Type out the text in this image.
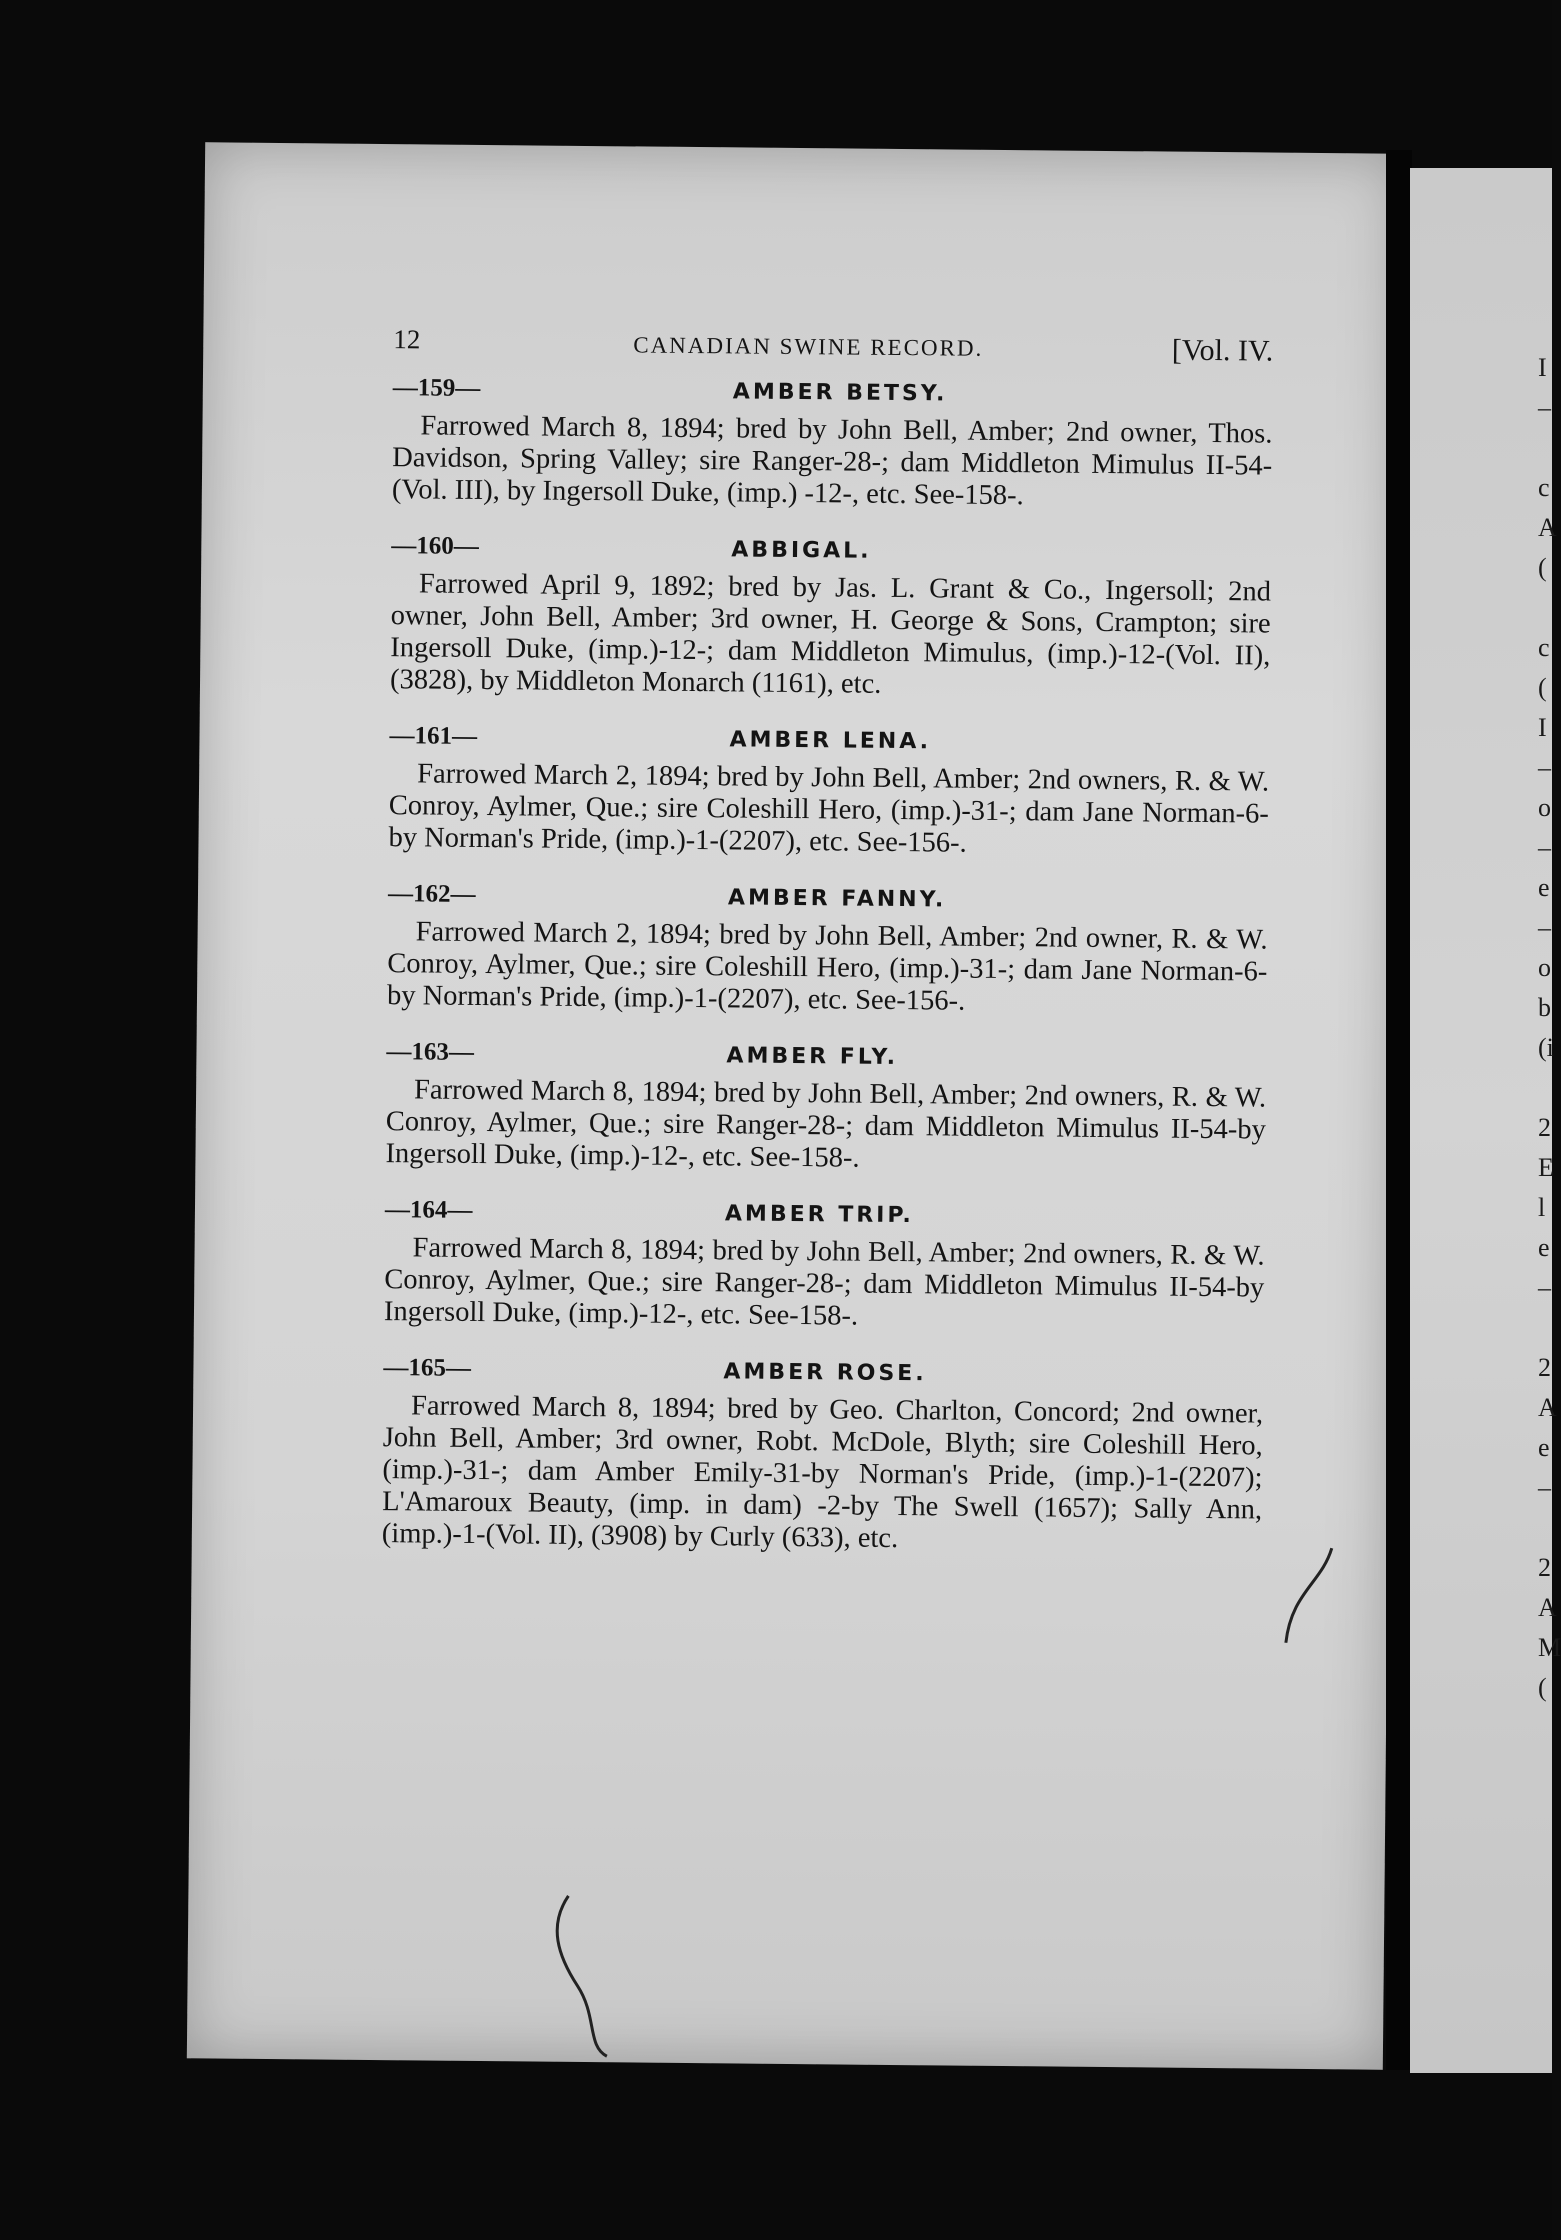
12	CANADIAN SWINE RECORD.	[Vol. IV.
—159—	AMBER BETSY.

Farrowed March 8, 1894; bred by John Bell, Amber; 2nd owner, Thos. Davidson, Spring Valley; sire Ranger-28-; dam Middleton Mimulus II-54-(Vol. III), by Ingersoll Duke, (imp.) -12-, etc. See-158-.

—160—	ABBIGAL.

Farrowed April 9, 1892; bred by Jas. L. Grant & Co., Ingersoll; 2nd owner, John Bell, Amber; 3rd owner, H. George & Sons, Crampton; sire Ingersoll Duke, (imp.)-12-; dam Middleton Mimulus, (imp.)-12-(Vol. II), (3828), by Middleton Monarch (1161), etc.

—161—	AMBER LENA.

Farrowed March 2, 1894; bred by John Bell, Amber; 2nd owners, R. & W. Conroy, Aylmer, Que.; sire Coleshill Hero, (imp.)-31-; dam Jane Norman-6-by Norman's Pride, (imp.)-1-(2207), etc. See-156-.

—162—	AMBER FANNY.

Farrowed March 2, 1894; bred by John Bell, Amber; 2nd owner, R. & W. Conroy, Aylmer, Que.; sire Coleshill Hero, (imp.)-31-; dam Jane Norman-6-by Norman's Pride, (imp.)-1-(2207), etc. See-156-.

—163—	AMBER FLY.

Farrowed March 8, 1894; bred by John Bell, Amber; 2nd owners, R. & W. Conroy, Aylmer, Que.; sire Ranger-28-; dam Middleton Mimulus II-54-by Ingersoll Duke, (imp.)-12-, etc. See-158-.

—164—	AMBER TRIP.

Farrowed March 8, 1894; bred by John Bell, Amber; 2nd owners, R. & W. Conroy, Aylmer, Que.; sire Ranger-28-; dam Middleton Mimulus II-54-by Ingersoll Duke, (imp.)-12-, etc. See-158-.

—165—	AMBER ROSE.

Farrowed March 8, 1894; bred by Geo. Charlton, Concord; 2nd owner, John Bell, Amber; 3rd owner, Robt. McDole, Blyth; sire Coleshill Hero, (imp.)-31-; dam Amber Emily-31-by Norman's Pride, (imp.)-1-(2207); L'Amaroux Beauty, (imp. in dam) -2-by The Swell (1657); Sally Ann, (imp.)-1-(Vol. II), (3908) by Curly (633), etc.

I
–

c
A
(

c
(
I
–
o
–
e
–
o
b
(i

2
E
l
e
–

2
A
e
–

2
A
M
(
